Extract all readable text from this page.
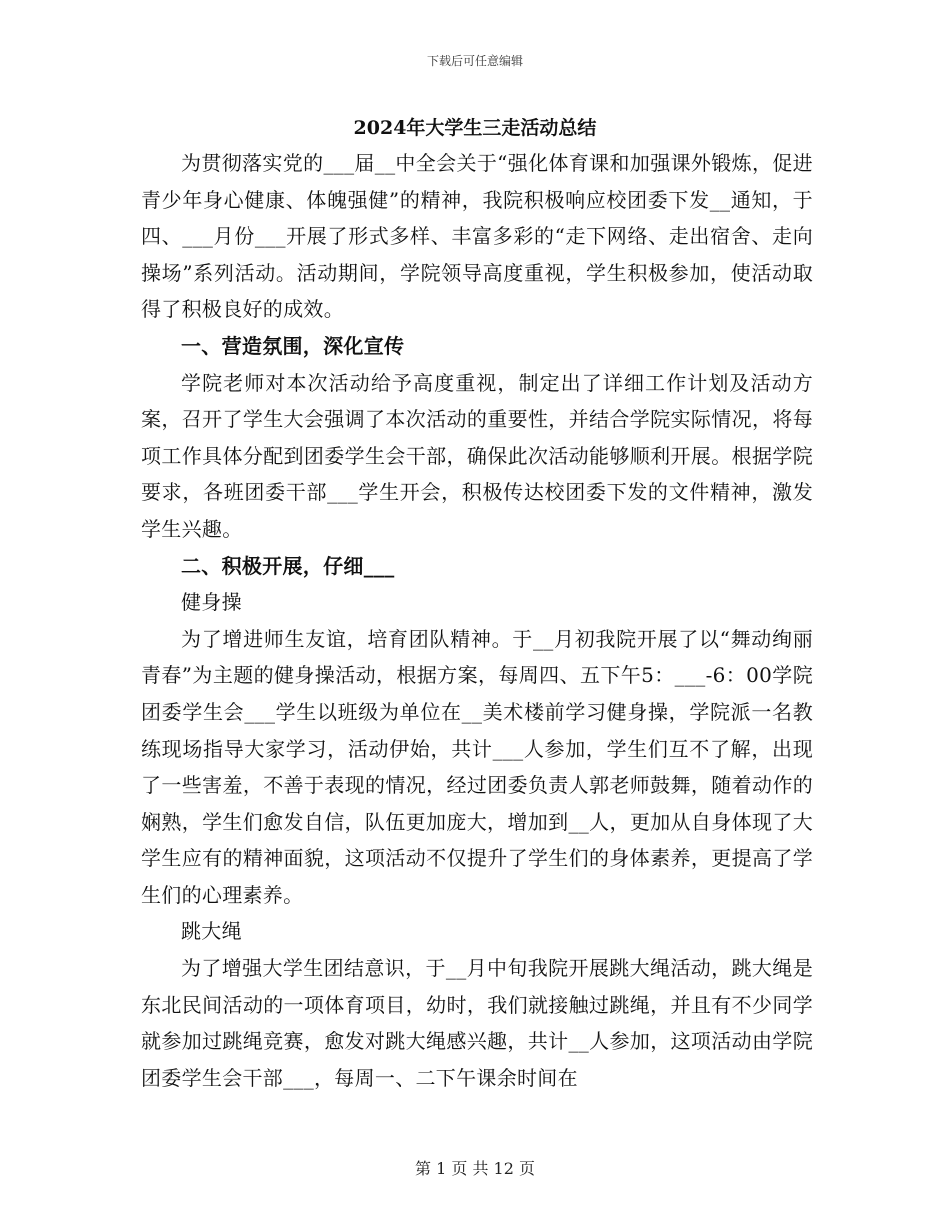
下载后可任意编辑
2024年大学生三走活动总结

为贯彻落实党的___届__中全会关于“强化体育课和加强课外锻炼，促进青少年身心健康、体魄强健”的精神，我院积极响应校团委下发__通知，于四、___月份___开展了形式多样、丰富多彩的“走下网络、走出宿舍、走向操场”系列活动。活动期间，学院领导高度重视，学生积极参加，使活动取得了积极良好的成效。

一、营造氛围，深化宣传

学院老师对本次活动给予高度重视，制定出了详细工作计划及活动方案，召开了学生大会强调了本次活动的重要性，并结合学院实际情况，将每项工作具体分配到团委学生会干部，确保此次活动能够顺利开展。根据学院要求，各班团委干部___学生开会，积极传达校团委下发的文件精神，激发学生兴趣。

二、积极开展，仔细___

健身操

为了增进师生友谊，培育团队精神。于__月初我院开展了以“舞动绚丽青春”为主题的健身操活动，根据方案，每周四、五下午5：___-6：00学院团委学生会___学生以班级为单位在__美术楼前学习健身操，学院派一名教练现场指导大家学习，活动伊始，共计___人参加，学生们互不了解，出现了一些害羞，不善于表现的情况，经过团委负责人郭老师鼓舞，随着动作的娴熟，学生们愈发自信，队伍更加庞大，增加到__人，更加从自身体现了大学生应有的精神面貌，这项活动不仅提升了学生们的身体素养，更提高了学生们的心理素养。

跳大绳

为了增强大学生团结意识，于__月中旬我院开展跳大绳活动，跳大绳是东北民间活动的一项体育项目，幼时，我们就接触过跳绳，并且有不少同学就参加过跳绳竞赛，愈发对跳大绳感兴趣，共计__人参加，这项活动由学院团委学生会干部___，每周一、二下午课余时间在

第 1 页 共 12 页
